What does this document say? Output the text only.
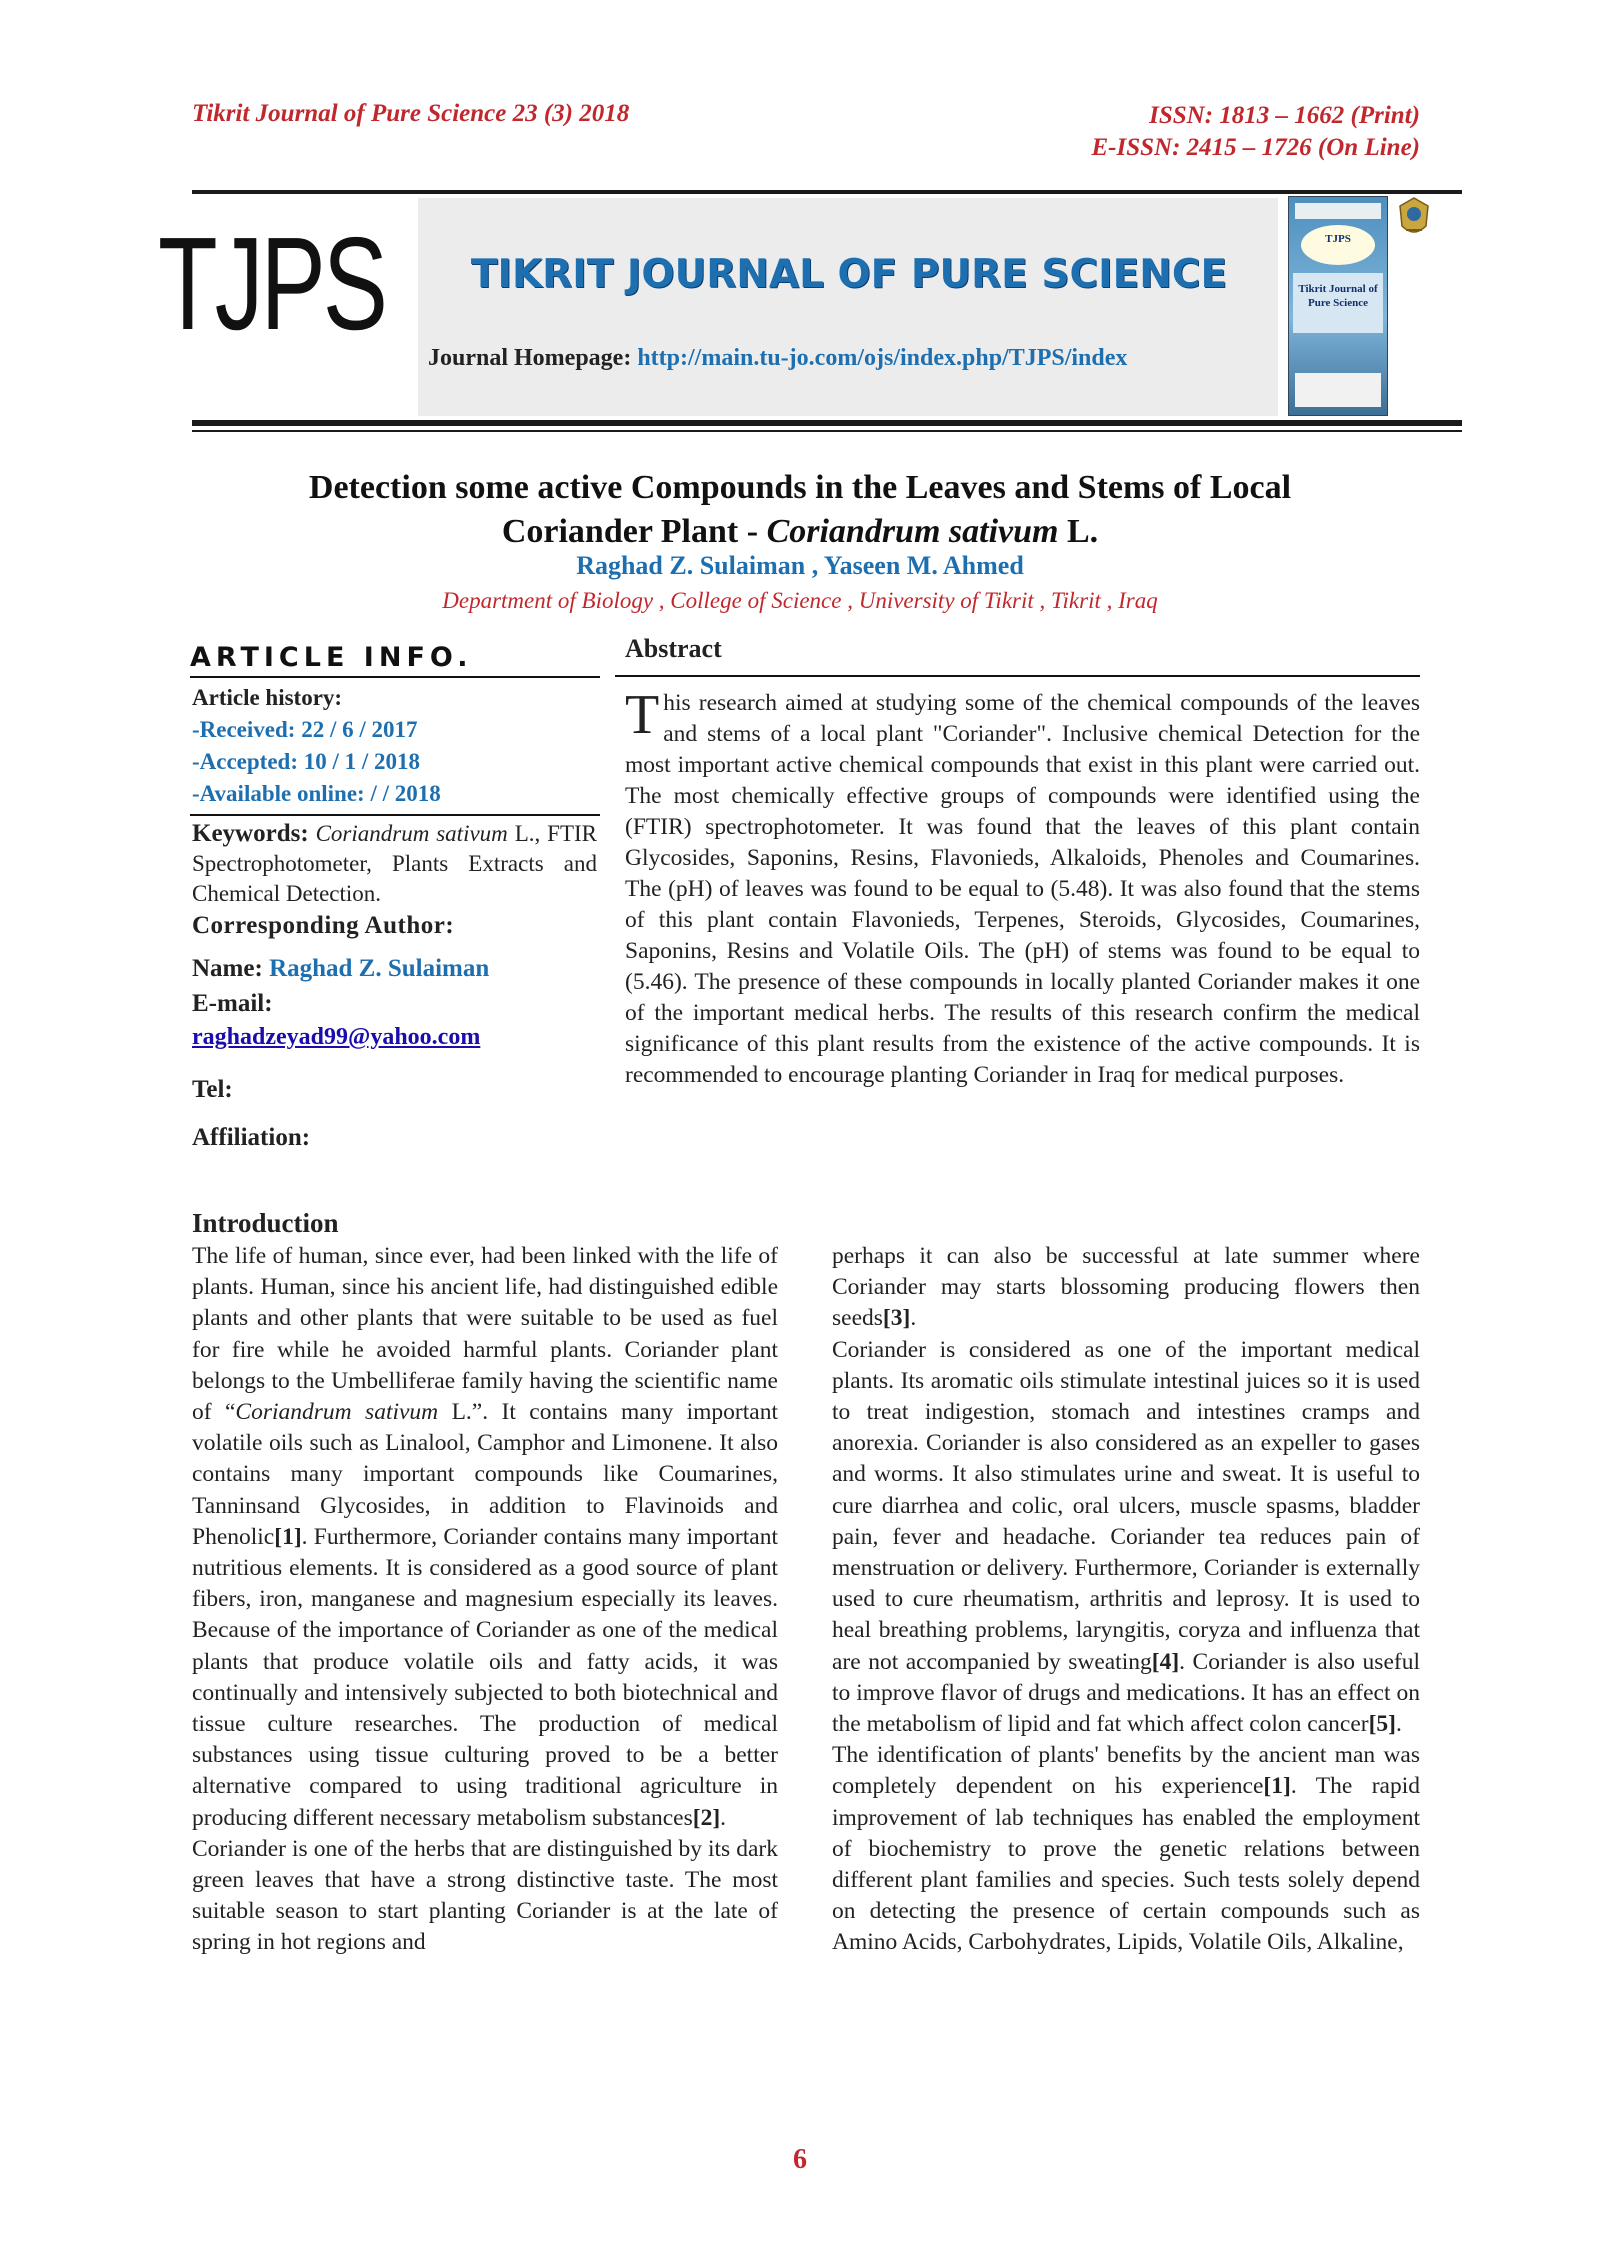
Tikrit Journal of Pure Science 23 (3) 2018	ISSN: 1813 – 1662 (Print)
E-ISSN: 2415 – 1726 (On Line)
TJPS	TIKRIT JOURNAL OF PURE SCIENCE
Journal Homepage: http://main.tu-jo.com/ojs/index.php/TJPS/index
TJPS
Tikrit Journal of
Pure Science
Detection some active Compounds in the Leaves and Stems of Local
Coriander Plant - Coriandrum sativum L.
Raghad Z. Sulaiman , Yaseen M. Ahmed
Department of Biology , College of Science , University of Tikrit , Tikrit , Iraq
ARTICLE INFO.
Article history:
-Received: 22 / 6 / 2017
-Accepted: 10 / 1 / 2018
-Available online: / / 2018
Keywords: Coriandrum sativum L., FTIR Spectrophotometer, Plants Extracts and Chemical Detection.
Corresponding Author:
Name: Raghad Z. Sulaiman
E-mail:
raghadzeyad99@yahoo.com
Tel:
Affiliation:
Abstract
T his research aimed at studying some of the chemical compounds of the leaves and stems of a local plant "Coriander". Inclusive chemical Detection for the most important active chemical compounds that exist in this plant were carried out. The most chemically effective groups of compounds were identified using the (FTIR) spectrophotometer. It was found that the leaves of this plant contain Glycosides, Saponins, Resins, Flavonieds, Alkaloids, Phenoles and Coumarines. The (pH) of leaves was found to be equal to (5.48). It was also found that the stems of this plant contain Flavonieds, Terpenes, Steroids, Glycosides, Coumarines, Saponins, Resins and Volatile Oils. The (pH) of stems was found to be equal to (5.46). The presence of these compounds in locally planted Coriander makes it one of the important medical herbs. The results of this research confirm the medical significance of this plant results from the existence of the active compounds. It is recommended to encourage planting Coriander in Iraq for medical purposes.
Introduction

The life of human, since ever, had been linked with the life of plants. Human, since his ancient life, had distinguished edible plants and other plants that were suitable to be used as fuel for fire while he avoided harmful plants. Coriander plant belongs to the Umbelliferae family having the scientific name of “Coriandrum sativum L.”. It contains many important volatile oils such as Linalool, Camphor and Limonene. It also contains many important compounds like Coumarines, Tanninsand Glycosides, in addition to Flavinoids and Phenolic[1]. Furthermore, Coriander contains many important nutritious elements. It is considered as a good source of plant fibers, iron, manganese and magnesium especially its leaves. Because of the importance of Coriander as one of the medical plants that produce volatile oils and fatty acids, it was continually and intensively subjected to both biotechnical and tissue culture researches. The production of medical substances using tissue culturing proved to be a better alternative compared to using traditional agriculture in producing different necessary metabolism substances[2].

Coriander is one of the herbs that are distinguished by its dark green leaves that have a strong distinctive taste. The most suitable season to start planting Coriander is at the late of spring in hot regions and

perhaps it can also be successful at late summer where Coriander may starts blossoming producing flowers then seeds[3].

Coriander is considered as one of the important medical plants. Its aromatic oils stimulate intestinal juices so it is used to treat indigestion, stomach and intestines cramps and anorexia. Coriander is also considered as an expeller to gases and worms. It also stimulates urine and sweat. It is useful to cure diarrhea and colic, oral ulcers, muscle spasms, bladder pain, fever and headache. Coriander tea reduces pain of menstruation or delivery. Furthermore, Coriander is externally used to cure rheumatism, arthritis and leprosy. It is used to heal breathing problems, laryngitis, coryza and influenza that are not accompanied by sweating[4]. Coriander is also useful to improve flavor of drugs and medications. It has an effect on the metabolism of lipid and fat which affect colon cancer[5].

The identification of plants' benefits by the ancient man was completely dependent on his experience[1]. The rapid improvement of lab techniques has enabled the employment of biochemistry to prove the genetic relations between different plant families and species. Such tests solely depend on detecting the presence of certain compounds such as Amino Acids, Carbohydrates, Lipids, Volatile Oils, Alkaline,

6
